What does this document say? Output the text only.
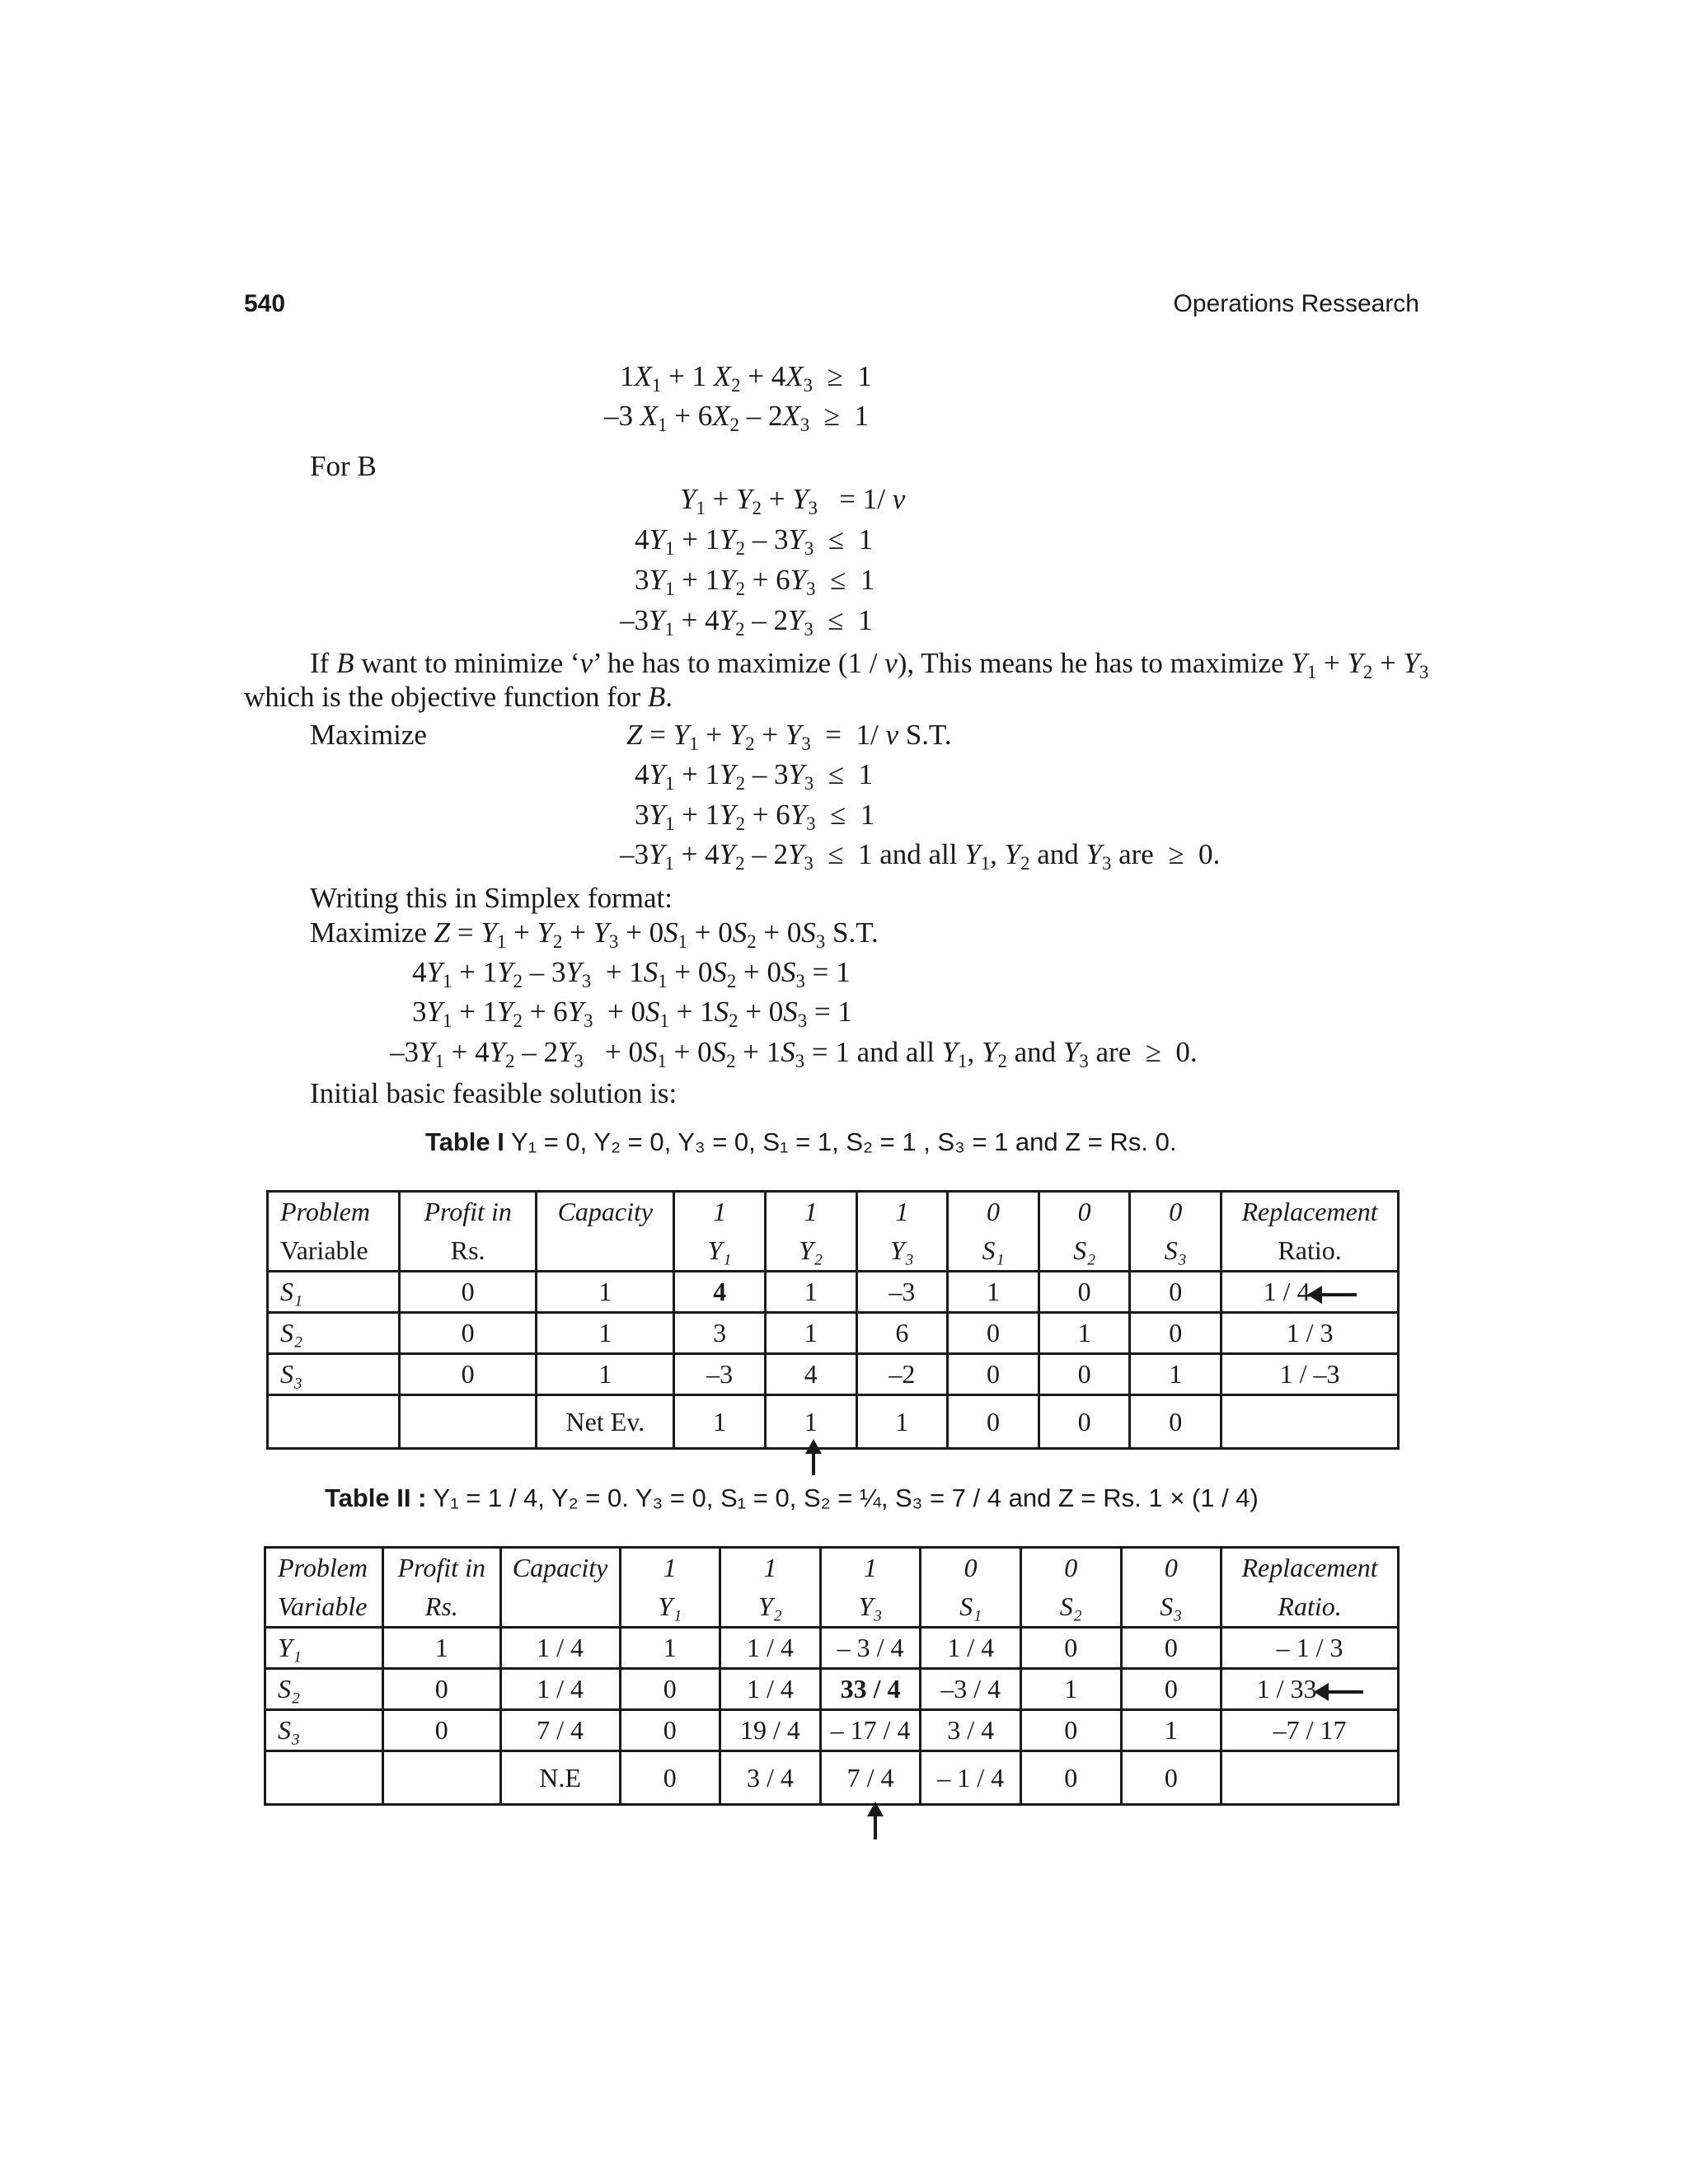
540	Operations Ressearch
$1X_1 + 1$ $X_2 + 4X_3 \ge 1$
–3 $X_1 + 6X_2 - 2X_3 \ge 1$
For B
$Y_1 + Y_2 + Y_3 = 1/$ v
$4Y_1 + 1Y_2 - 3Y_3 \le 1$
$3Y_1 + 1Y_2 + 6Y_3 \le 1$
$-3Y_1 + 4Y_2 - 2Y_3 \le 1$
If B want to minimize ‘v’ he has to maximize (1 / v), This means he has to maximize $Y_1 + Y_2 + Y_3$
which is the objective function for B.
Maximize	$Z = Y_1 + Y_2 + Y_3 = 1/$ v S.T.
$4Y_1 + 1Y_2 - 3Y_3 \le 1$
$3Y_1 + 1Y_2 + 6Y_3 \le 1$
$-3Y_1 + 4Y_2 - 2Y_3 \le 1$ and all $Y_1$, $Y_2$ and $Y_3$ are  ≥  0.
Writing this in Simplex format:
Maximize $Z = Y_1 + Y_2 + Y_3 + 0S_1 + 0S_2 + 0S_3$ S.T.
$4Y_1 + 1Y_2 - 3Y_3 + 1S_1 + 0S_2 + 0S_3 = 1$
$3Y_1 + 1Y_2 + 6Y_3 + 0S_1 + 1S_2 + 0S_3 = 1$
$-3Y_1 + 4Y_2 - 2Y_3 + 0S_1 + 0S_2 + 1S_3 = 1$ and all $Y_1$, $Y_2$ and $Y_3$ are  ≥  0.
Initial basic feasible solution is:
Table I Y₁ = 0, Y₂ = 0, Y₃ = 0, S₁ = 1, S₂ = 1 , S₃ = 1 and Z = Rs. 0.
Problem	Profit in	Capacity	1	1	1	0	0	0	Replacement
Variable	Rs.		Y₁	Y₂	Y₃	S₁	S₂	S₃	Ratio.
S₁	0	1	4	1	–3	1	0	0	1 / 4
S₂	0	1	3	1	6	0	1	0	1 / 3
S₃	0	1	–3	4	–2	0	0	1	1 / –3
		Net Ev.	1	1	1	0	0	0	
Table II : Y₁ = 1 / 4, Y₂ = 0. Y₃ = 0, S₁ = 0, S₂ = ¼, S₃ = 7 / 4 and Z = Rs. 1 × (1 / 4)
Problem	Profit in	Capacity	1	1	1	0	0	0	Replacement
Variable	Rs.		Y₁	Y₂	Y₃	S₁	S₂	S₃	Ratio.
Y₁	1	1 / 4	1	1 / 4	– 3 / 4	1 / 4	0	0	– 1 / 3
S₂	0	1 / 4	0	1 / 4	33 / 4	–3 / 4	1	0	1 / 33
S₃	0	7 / 4	0	19 / 4	– 17 / 4	3 / 4	0	1	–7 / 17
		N.E	0	3 / 4	7 / 4	– 1 / 4	0	0	
